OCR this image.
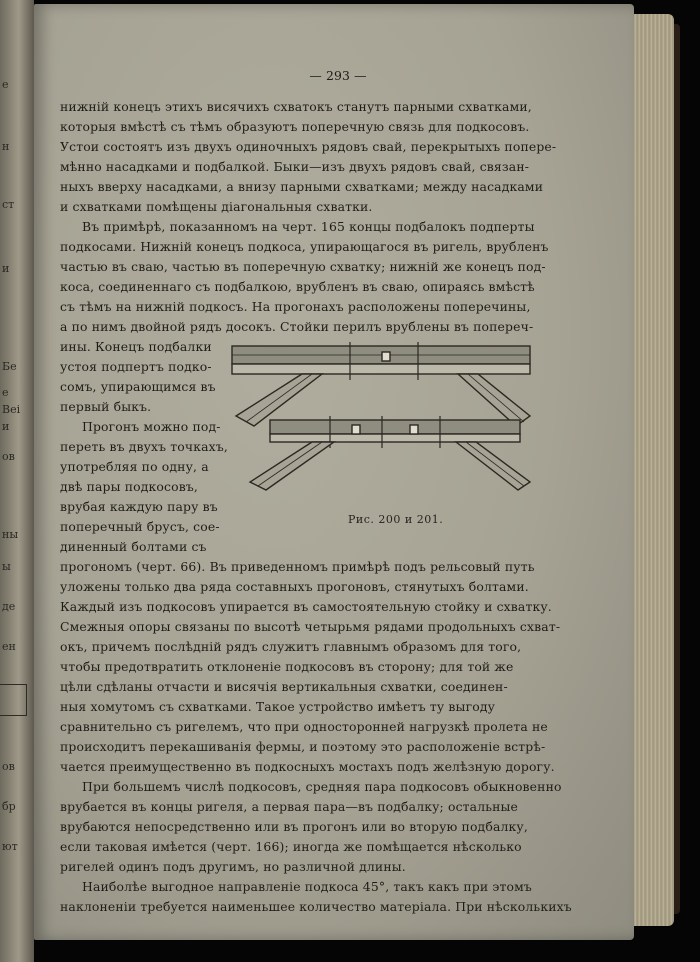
е
н
ст
и
Бе
е
и
Bei
ов
ны
ы
де
ен
ов
бр
ют
— 293 —
нижній конецъ этихъ висячихъ схватокъ станутъ парными схватками,
которыя вмѣстѣ съ тѣмъ образуютъ поперечную связь для подкосовъ.
Устои состоятъ изъ двухъ одиночныхъ рядовъ свай, перекрытыхъ попере-
мѣнно насадками и подбалкой. Быки—изъ двухъ рядовъ свай, связан-
ныхъ вверху насадками, а внизу парными схватками; между насадками
и схватками помѣщены діагональныя схватки.
Въ примѣрѣ, показанномъ на черт. 165 концы подбалокъ подперты
подкосами. Нижній конецъ подкоса, упирающагося въ ригель, врубленъ
частью въ сваю, частью въ поперечную схватку; нижній же конецъ под-
коса, соединеннаго съ подбалкою, врубленъ въ сваю, опираясь вмѣстѣ
съ тѣмъ на нижній подкосъ. На прогонахъ расположены поперечины,
а по нимъ двойной рядъ досокъ. Стойки перилъ врублены въ попереч-
ины. Конецъ подбалки
устоя подпертъ подко-
сомъ, упирающимся въ
первый быкъ.
Прогонъ можно под-
переть въ двухъ точкахъ,
употребляя по одну, а
двѣ пары подкосовъ,
врубая каждую пару въ
поперечный брусъ, сое-
диненный болтами съ
прогономъ (черт. 66). Въ приведенномъ примѣрѣ подъ рельсовый путь
уложены только два ряда составныхъ прогоновъ, стянутыхъ болтами.
Каждый изъ подкосовъ упирается въ самостоятельную стойку и схватку.
Смежныя опоры связаны по высотѣ четырьмя рядами продольныхъ схват-
окъ, причемъ послѣдній рядъ служитъ главнымъ образомъ для того,
чтобы предотвратить отклоненіе подкосовъ въ сторону; для той же
цѣли сдѣланы отчасти и висячія вертикальныя схватки, соединен-
ныя хомутомъ съ схватками. Такое устройство имѣетъ ту выгоду
сравнительно съ ригелемъ, что при односторонней нагрузкѣ пролета не
происходитъ перекашиванія фермы, и поэтому это расположеніе встрѣ-
чается преимущественно въ подкосныхъ мостахъ подъ желѣзную дорогу.
При большемъ числѣ подкосовъ, средняя пара подкосовъ обыкновенно
врубается въ концы ригеля, а первая пара—въ подбалку; остальные
врубаются непосредственно или въ прогонъ или во вторую подбалку,
если таковая имѣется (черт. 166); иногда же помѣщается нѣсколько
ригелей одинъ подъ другимъ, но различной длины.
Наиболѣе выгодное направленіе подкоса 45°, такъ какъ при этомъ
наклоненіи требуется наименьшее количество матеріала. При нѣсколькихъ
Рис. 200 и 201.
